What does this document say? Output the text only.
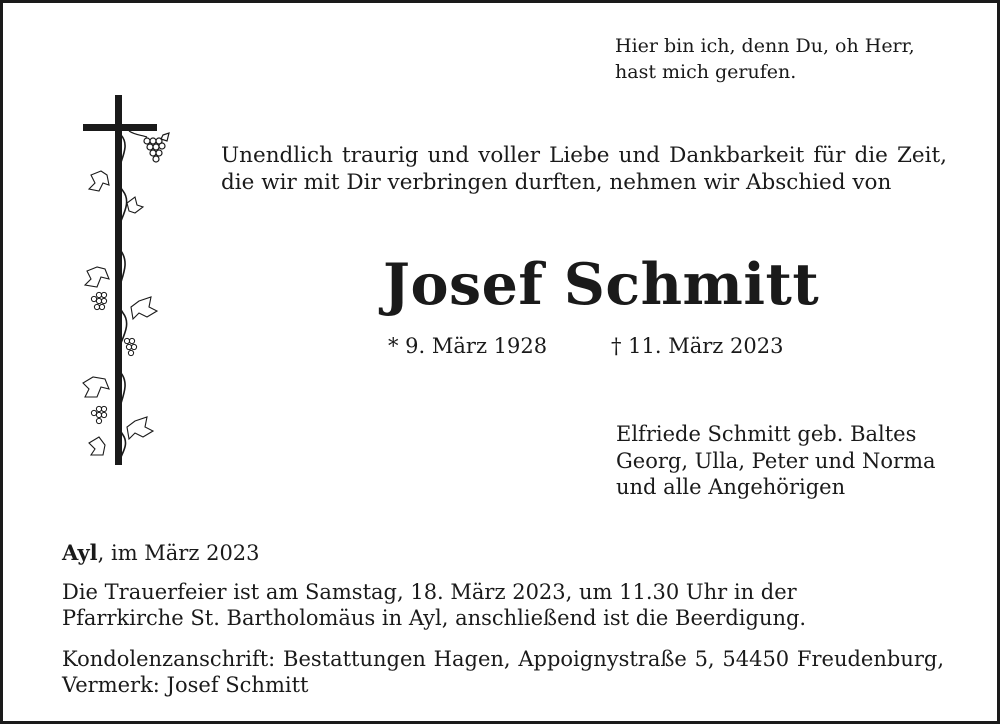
Hier bin ich, denn Du, oh Herr,
hast mich gerufen.
Unendlich traurig und voller Liebe und Dankbarkeit für die Zeit,
die wir mit Dir verbringen durften, nehmen wir Abschied von
Josef Schmitt
* 9. März 1928	† 11. März 2023
Elfriede Schmitt geb. Baltes
Georg, Ulla, Peter und Norma
und alle Angehörigen
Ayl, im März 2023
Die Trauerfeier ist am Samstag, 18. März 2023, um 11.30 Uhr in der
Pfarrkirche St. Bartholomäus in Ayl, anschließend ist die Beerdigung.
Kondolenzanschrift: Bestattungen Hagen, Appoignystraße 5, 54450 Freudenburg,
Vermerk: Josef Schmitt
